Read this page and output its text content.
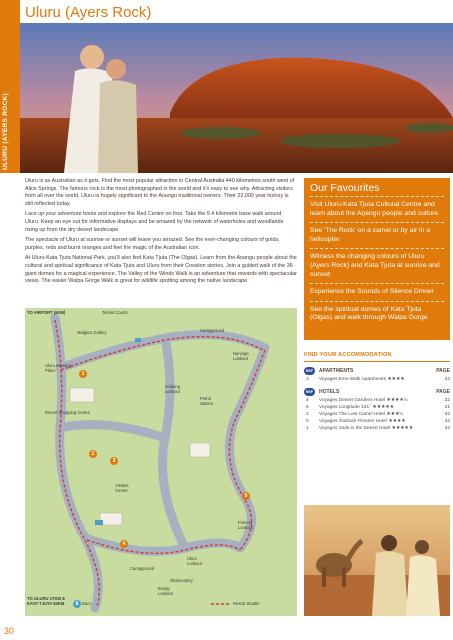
ULURU (AYERS ROCK)
Uluru (Ayers Rock)

Uluru is as Australian as it gets. Find the most popular attraction in Central Australia 440 kilometres south west of Alice Springs. The famous rock is the most photographed in the world and it's easy to see why. Attracting visitors from all over the world, Uluru is hugely significant to the Aṉangu traditional owners. Their 22,000 year history is still reflected today.

Lace up your adventure boots and explore the Red Centre on foot. Take the 9.4 kilometre base walk around Uluru. Keep an eye out for informative displays and be amazed by the network of waterholes and woodlands rising up from the dry desert landscape.

The spectacle of Uluru at sunrise or sunset will leave you amazed. See the ever-changing colours of golds, purples, reds and burnt oranges and feel the magic of the Australian icon.

At Uluru-Kata Tjuta National Park, you'll also find Kata Tjuta (The Olgas). Learn from the Aṉangu people about the cultural and spiritual significance of Kata Tjuta and Uluru from their Creation stories. Join a guided walk of the 36 giant domes for a magical experience. The Valley of the Winds Walk is an adventure that rewards with spectacular views. The easier Walpa Gorge Walk is great for wildlife spotting among the native landscape.

Our Favourites
Visit Uluru-Kata Tjuta Cultural Centre and learn about the Aṉangu people and culture
See 'The Rock' on a camel or by air in a helicopter
Witness the changing colours of Uluru (Ayers Rock) and Kata Tjuta at sunrise and sunset
Experience the Sounds of Silence Dinner
See the spiritual domes of Kata Tjuta (Olgas) and walk through Walpa Gorge
FIND YOUR ACCOMMODATION
REF	APARTMENTS	PAGE
3	Voyages Emu Walk Apartments ★★★★	32
REF	HOTELS	PAGE
4	Voyages Desert Gardens Hotel ★★★★½	32
6	Voyages Longitude 131° ★★★★★	31
2	Voyages The Lost Camel Hotel ★★★½	32
5	Voyages Outback Pioneer Hotel ★★★★	32
1	Voyages Sails in the Desert Hotel ★★★★★	32
TO AIRPORT (6KM)	Tennis Courts
Mulgara Gallery	Campground
Naninga Lookout
Uluru Meeting Place
Imalung Lookout
Petrol Station
Resort Shopping Centre
Visitors Centre
Pioneer Lookout
Campground
Uluru Lookout
Observatory
Ewing Lookout
TO ULURU 17KM & KATA TJUTA 53KM	Dam	Resort Shuttle
1
2
3
4
5
6
30
